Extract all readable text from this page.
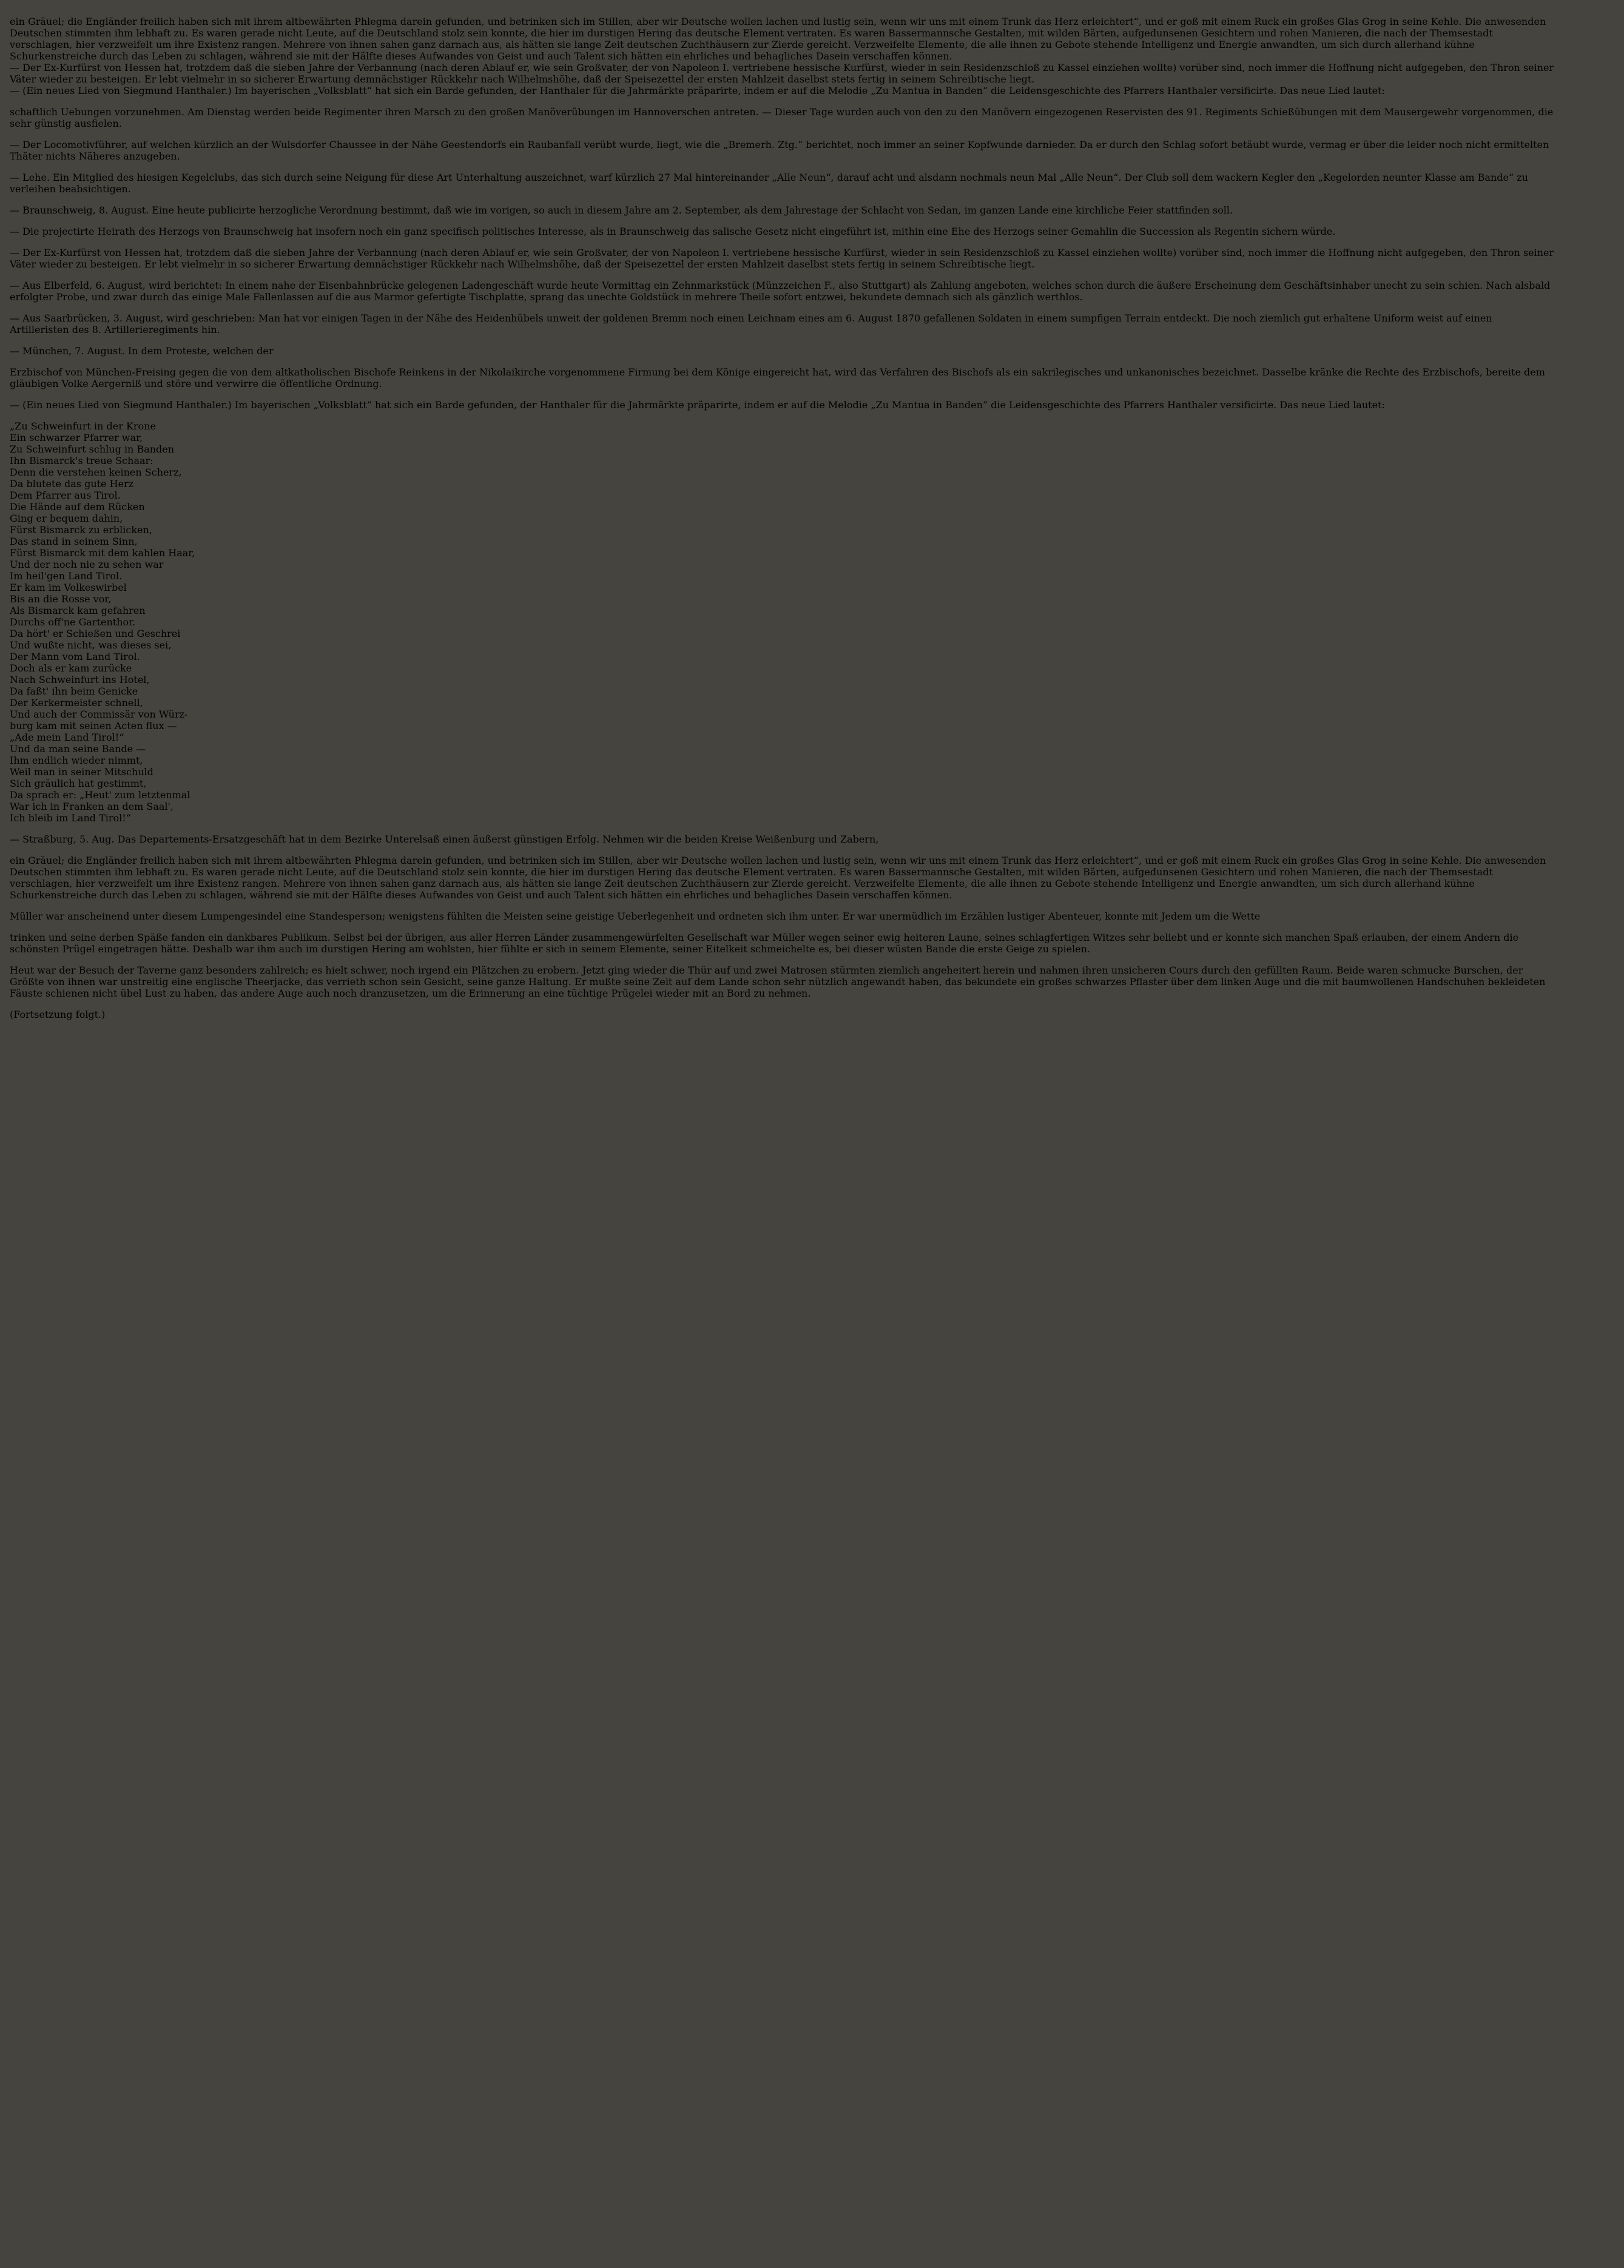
ein Gräuel; die Engländer freilich haben sich mit ihrem altbewährten Phlegma darein gefunden, und betrinken sich im Stillen, aber wir Deutsche wollen lachen und lustig sein, wenn wir uns mit einem Trunk das Herz erleichtert“, und er goß mit einem Ruck ein großes Glas Grog in seine Kehle. Die anwesenden Deutschen stimmten ihm lebhaft zu. Es waren gerade nicht Leute, auf die Deutschland stolz sein konnte, die hier im durstigen Hering das deutsche Element vertraten. Es waren Bassermannsche Gestalten, mit wilden Bärten, aufgedunsenen Gesichtern und rohen Manieren, die nach der Themsestadt verschlagen, hier verzweifelt um ihre Existenz rangen. Mehrere von ihnen sahen ganz darnach aus, als hätten sie lange Zeit deutschen Zuchthäusern zur Zierde gereicht. Verzweifelte Elemente, die alle ihnen zu Gebote stehende Intelligenz und Energie anwandten, um sich durch allerhand kühne Schurkenstreiche durch das Leben zu schlagen, während sie mit der Hälfte dieses Aufwandes von Geist und auch Talent sich hätten ein ehrliches und behagliches Dasein verschaffen können.
— Der Ex-Kurfürst von Hessen hat, trotzdem daß die sieben Jahre der Verbannung (nach deren Ablauf er, wie sein Großvater, der von Napoleon I. vertriebene hessische Kurfürst, wieder in sein Residenzschloß zu Kassel einziehen wollte) vorüber sind, noch immer die Hoffnung nicht aufgegeben, den Thron seiner Väter wieder zu besteigen. Er lebt vielmehr in so sicherer Erwartung demnächstiger Rückkehr nach Wilhelmshöhe, daß der Speisezettel der ersten Mahlzeit daselbst stets fertig in seinem Schreibtische liegt.
— (Ein neues Lied von Siegmund Hanthaler.) Im bayerischen „Volksblatt“ hat sich ein Barde gefunden, der Hanthaler für die Jahrmärkte präparirte, indem er auf die Melodie „Zu Mantua in Banden“ die Leidensgeschichte des Pfarrers Hanthaler versificirte. Das neue Lied lautet:

schaftlich Uebungen vorzunehmen. Am Dienstag werden beide Regimenter ihren Marsch zu den großen Manöverübungen im Hannoverschen antreten. — Dieser Tage wurden auch von den zu den Manövern eingezogenen Reservisten des 91. Regiments Schießübungen mit dem Mausergewehr vorgenommen, die sehr günstig ausfielen.

— Der Locomotivführer, auf welchen kürzlich an der Wulsdorfer Chaussee in der Nähe Geestendorfs ein Raubanfall verübt wurde, liegt, wie die „Bremerh. Ztg.“ berichtet, noch immer an seiner Kopfwunde darnieder. Da er durch den Schlag sofort betäubt wurde, vermag er über die leider noch nicht ermittelten Thäter nichts Näheres anzugeben.

— Lehe. Ein Mitglied des hiesigen Kegelclubs, das sich durch seine Neigung für diese Art Unterhaltung auszeichnet, warf kürzlich 27 Mal hintereinander „Alle Neun“, darauf acht und alsdann nochmals neun Mal „Alle Neun“. Der Club soll dem wackern Kegler den „Kegelorden neunter Klasse am Bande“ zu verleihen beabsichtigen.

— Braunschweig, 8. August. Eine heute publicirte herzogliche Verordnung bestimmt, daß wie im vorigen, so auch in diesem Jahre am 2. September, als dem Jahrestage der Schlacht von Sedan, im ganzen Lande eine kirchliche Feier stattfinden soll.

— Die projectirte Heirath des Herzogs von Braunschweig hat insofern noch ein ganz specifisch politisches Interesse, als in Braunschweig das salische Gesetz nicht eingeführt ist, mithin eine Ehe des Herzogs seiner Gemahlin die Succession als Regentin sichern würde.

— Der Ex-Kurfürst von Hessen hat, trotzdem daß die sieben Jahre der Verbannung (nach deren Ablauf er, wie sein Großvater, der von Napoleon I. vertriebene hessische Kurfürst, wieder in sein Residenzschloß zu Kassel einziehen wollte) vorüber sind, noch immer die Hoffnung nicht aufgegeben, den Thron seiner Väter wieder zu besteigen. Er lebt vielmehr in so sicherer Erwartung demnächstiger Rückkehr nach Wilhelmshöhe, daß der Speisezettel der ersten Mahlzeit daselbst stets fertig in seinem Schreibtische liegt.

— Aus Elberfeld, 6. August, wird berichtet: In einem nahe der Eisenbahnbrücke gelegenen Ladengeschäft wurde heute Vormittag ein Zehnmarkstück (Münzzeichen F., also Stuttgart) als Zahlung angeboten, welches schon durch die äußere Erscheinung dem Geschäftsinhaber unecht zu sein schien. Nach alsbald erfolgter Probe, und zwar durch das einige Male Fallenlassen auf die aus Marmor gefertigte Tischplatte, sprang das unechte Goldstück in mehrere Theile sofort entzwei, bekundete demnach sich als gänzlich werthlos.

— Aus Saarbrücken, 3. August, wird geschrieben: Man hat vor einigen Tagen in der Nähe des Heidenhübels unweit der goldenen Bremm noch einen Leichnam eines am 6. August 1870 gefallenen Soldaten in einem sumpfigen Terrain entdeckt. Die noch ziemlich gut erhaltene Uniform weist auf einen Artilleristen des 8. Artillerieregiments hin.

— München, 7. August. In dem Proteste, welchen der

Erzbischof von München-Freising gegen die von dem altkatholischen Bischofe Reinkens in der Nikolaikirche vorgenommene Firmung bei dem Könige eingereicht hat, wird das Verfahren des Bischofs als ein sakrilegisches und unkanonisches bezeichnet. Dasselbe kränke die Rechte des Erzbischofs, bereite dem gläubigen Volke Aergerniß und störe und verwirre die öffentliche Ordnung.

— (Ein neues Lied von Siegmund Hanthaler.) Im bayerischen „Volksblatt“ hat sich ein Barde gefunden, der Hanthaler für die Jahrmärkte präparirte, indem er auf die Melodie „Zu Mantua in Banden“ die Leidensgeschichte des Pfarrers Hanthaler versificirte. Das neue Lied lautet:

„Zu Schweinfurt in der Krone
Ein schwarzer Pfarrer war,
Zu Schweinfurt schlug in Banden
Ihn Bismarck's treue Schaar:
Denn die verstehen keinen Scherz,
Da blutete das gute Herz
Dem Pfarrer aus Tirol.
Die Hände auf dem Rücken
Ging er bequem dahin,
Fürst Bismarck zu erblicken,
Das stand in seinem Sinn,
Fürst Bismarck mit dem kahlen Haar,
Und der noch nie zu sehen war
Im heil'gen Land Tirol.
Er kam im Volkeswirbel
Bis an die Rosse vor,
Als Bismarck kam gefahren
Durchs off'ne Gartenthor.
Da hört' er Schießen und Geschrei
Und wußte nicht, was dieses sei,
Der Mann vom Land Tirol.
Doch als er kam zurücke
Nach Schweinfurt ins Hotel,
Da faßt' ihn beim Genicke
Der Kerkermeister schnell,
Und auch der Commissär von Würz-
burg kam mit seinen Acten flux —
„Ade mein Land Tirol!“
Und da man seine Bande —
Ihm endlich wieder nimmt,
Weil man in seiner Mitschuld
Sich gräulich hat gestimmt,
Da sprach er: „Heut' zum letztenmal
War ich in Franken an dem Saal',
Ich bleib im Land Tirol!“

— Straßburg, 5. Aug. Das Departements-Ersatzgeschäft hat in dem Bezirke Unterelsaß einen äußerst günstigen Erfolg. Nehmen wir die beiden Kreise Weißenburg und Zabern,

ein Gräuel; die Engländer freilich haben sich mit ihrem altbewährten Phlegma darein gefunden, und betrinken sich im Stillen, aber wir Deutsche wollen lachen und lustig sein, wenn wir uns mit einem Trunk das Herz erleichtert“, und er goß mit einem Ruck ein großes Glas Grog in seine Kehle. Die anwesenden Deutschen stimmten ihm lebhaft zu. Es waren gerade nicht Leute, auf die Deutschland stolz sein konnte, die hier im durstigen Hering das deutsche Element vertraten. Es waren Bassermannsche Gestalten, mit wilden Bärten, aufgedunsenen Gesichtern und rohen Manieren, die nach der Themsestadt verschlagen, hier verzweifelt um ihre Existenz rangen. Mehrere von ihnen sahen ganz darnach aus, als hätten sie lange Zeit deutschen Zuchthäusern zur Zierde gereicht. Verzweifelte Elemente, die alle ihnen zu Gebote stehende Intelligenz und Energie anwandten, um sich durch allerhand kühne Schurkenstreiche durch das Leben zu schlagen, während sie mit der Hälfte dieses Aufwandes von Geist und auch Talent sich hätten ein ehrliches und behagliches Dasein verschaffen können.

Müller war anscheinend unter diesem Lumpengesindel eine Standesperson; wenigstens fühlten die Meisten seine geistige Ueberlegenheit und ordneten sich ihm unter. Er war unermüdlich im Erzählen lustiger Abenteuer, konnte mit Jedem um die Wette

trinken und seine derben Späße fanden ein dankbares Publikum. Selbst bei der übrigen, aus aller Herren Länder zusammengewürfelten Gesellschaft war Müller wegen seiner ewig heiteren Laune, seines schlagfertigen Witzes sehr beliebt und er konnte sich manchen Spaß erlauben, der einem Andern die schönsten Prügel eingetragen hätte. Deshalb war ihm auch im durstigen Hering am wohlsten, hier fühlte er sich in seinem Elemente, seiner Eitelkeit schmeichelte es, bei dieser wüsten Bande die erste Geige zu spielen.

Heut war der Besuch der Taverne ganz besonders zahlreich; es hielt schwer, noch irgend ein Plätzchen zu erobern. Jetzt ging wieder die Thür auf und zwei Matrosen stürmten ziemlich angeheitert herein und nahmen ihren unsicheren Cours durch den gefüllten Raum. Beide waren schmucke Burschen, der Größte von ihnen war unstreitig eine englische Theerjacke, das verrieth schon sein Gesicht, seine ganze Haltung. Er mußte seine Zeit auf dem Lande schon sehr nützlich angewandt haben, das bekundete ein großes schwarzes Pflaster über dem linken Auge und die mit baumwollenen Handschuhen bekleideten Fäuste schienen nicht übel Lust zu haben, das andere Auge auch noch dranzusetzen, um die Erinnerung an eine tüchtige Prügelei wieder mit an Bord zu nehmen.

(Fortsetzung folgt.)
